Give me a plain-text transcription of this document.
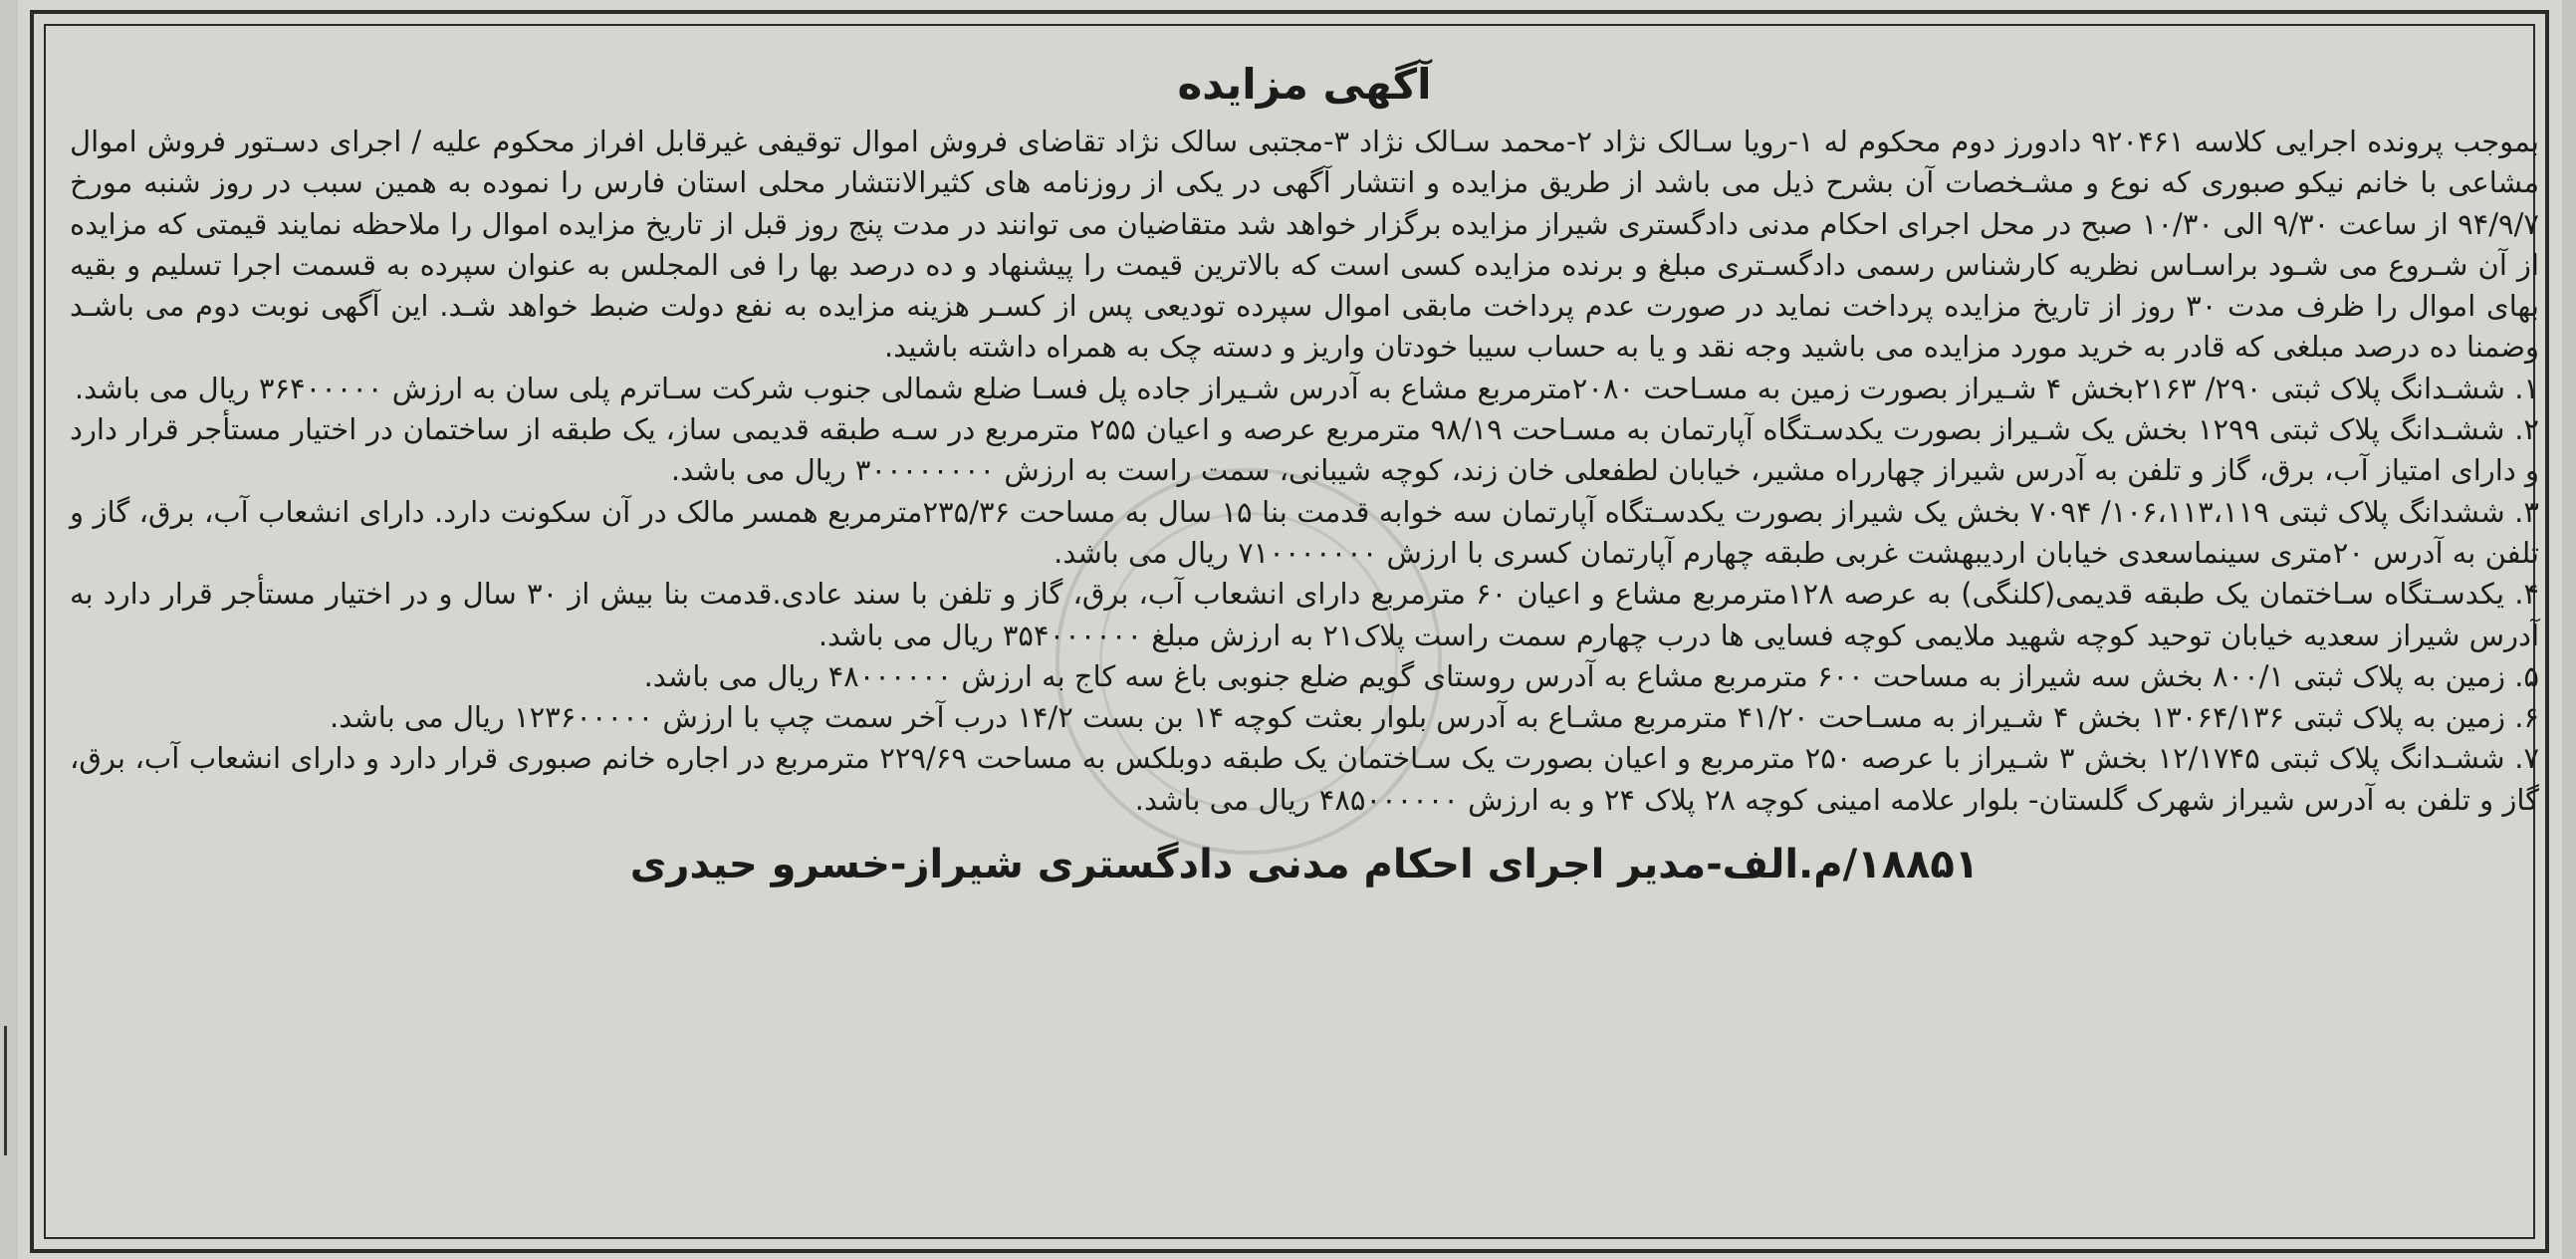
آگهی مزایده

بموجب پرونده اجرایی کلاسه ۹۲۰۴۶۱ دادورز دوم محکوم له ۱-رویا سـالک نژاد ۲-محمد سـالک نژاد ۳-مجتبی سالک نژاد تقاضای فروش اموال توقیفی غیرقابل افراز محکوم علیه / اجرای دسـتور فروش اموال مشاعی با خانم نیکو صبوری که نوع و مشـخصات آن بشرح ذیل می باشد از طریق مزایده و انتشار آگهی در یکی از روزنامه های کثیرالانتشار محلی استان فارس را نموده به همین سبب در روز شنبه مورخ ۹۴/۹/۷ از ساعت ۹/۳۰ الی ۱۰/۳۰ صبح در محل اجرای احکام مدنی دادگستری شیراز مزایده برگزار خواهد شد متقاضیان می توانند در مدت پنج روز قبل از تاریخ مزایده اموال را ملاحظه نمایند قیمتی که مزایده از آن شـروع می شـود براسـاس نظریه کارشناس رسمی دادگسـتری مبلغ و برنده مزایده کسی است که بالاترین قیمت را پیشنهاد و ده درصد بها را فی المجلس به عنوان سپرده به قسمت اجرا تسلیم و بقیه بهای اموال را ظرف مدت ۳۰ روز از تاریخ مزایده پرداخت نماید در صورت عدم پرداخت مابقی اموال سپرده تودیعی پس از کسـر هزینه مزایده به نفع دولت ضبط خواهد شـد. این آگهی نوبت دوم می باشـد وضمنا ده درصد مبلغی که قادر به خرید مورد مزایده می باشید وجه نقد و یا به حساب سیبا خودتان واریز و دسته چک به همراه داشته باشید.

۱. ششـدانگ پلاک ثبتی ۲۹۰/ ۲۱۶۳بخش ۴ شـیراز بصورت زمین به مسـاحت ۲۰۸۰مترمربع مشاع به آدرس شـیراز جاده پل فسـا ضلع شمالی جنوب شرکت سـاترم پلی سان به ارزش ۳۶۴۰۰۰۰۰ ریال می باشد.

۲. ششـدانگ پلاک ثبتی ۱۲۹۹ بخش یک شـیراز بصورت یکدسـتگاه آپارتمان به مسـاحت ۹۸/۱۹ مترمربع عرصه و اعیان ۲۵۵ مترمربع در سـه طبقه قدیمی ساز، یک طبقه از ساختمان در اختیار مستأجر قرار دارد و دارای امتیاز آب، برق، گاز و تلفن به آدرس شیراز چهارراه مشیر، خیابان لطفعلی خان زند، کوچه شیبانی، سمت راست به ارزش ۳۰۰۰۰۰۰۰۰ ریال می باشد.

۳. ششدانگ پلاک ثبتی ۱۰۶،۱۱۳،۱۱۹/ ۷۰۹۴ بخش یک شیراز بصورت یکدسـتگاه آپارتمان سه خوابه قدمت بنا ۱۵ سال به مساحت ۲۳۵/۳۶مترمربع همسر مالک در آن سکونت دارد. دارای انشعاب آب، برق، گاز و تلفن به آدرس ۲۰متری سینماسعدی خیابان اردیبهشت غربی طبقه چهارم آپارتمان کسری با ارزش ۷۱۰۰۰۰۰۰۰ ریال می باشد.

۴. یکدسـتگاه سـاختمان یک طبقه قدیمی(کلنگی) به عرصه ۱۲۸مترمربع مشاع و اعیان ۶۰ مترمربع دارای انشعاب آب، برق، گاز و تلفن با سند عادی.قدمت بنا بیش از ۳۰ سال و در اختیار مستأجر قرار دارد به آدرس شیراز سعدیه خیابان توحید کوچه شهید ملایمی کوچه فسایی ها درب چهارم سمت راست پلاک۲۱ به ارزش مبلغ ۳۵۴۰۰۰۰۰۰ ریال می باشد.

۵. زمین به پلاک ثبتی ۸۰۰/۱ بخش سه شیراز به مساحت ۶۰۰ مترمربع مشاع به آدرس روستای گویم ضلع جنوبی باغ سه کاج به ارزش ۴۸۰۰۰۰۰۰ ریال می باشد.

۶. زمین به پلاک ثبتی ۱۳۰۶۴/۱۳۶ بخش ۴ شـیراز به مسـاحت ۴۱/۲۰ مترمربع مشـاع به آدرس بلوار بعثت کوچه ۱۴ بن بست ۱۴/۲ درب آخر سمت چپ با ارزش ۱۲۳۶۰۰۰۰۰ ریال می باشد.

۷. ششـدانگ پلاک ثبتی ۱۲/۱۷۴۵ بخش ۳ شـیراز با عرصه ۲۵۰ مترمربع و اعیان بصورت یک سـاختمان یک طبقه دوبلکس به مساحت ۲۲۹/۶۹ مترمربع در اجاره خانم صبوری قرار دارد و دارای انشعاب آب، برق، گاز و تلفن به آدرس شیراز شهرک گلستان- بلوار علامه امینی کوچه ۲۸ پلاک ۲۴ و به ارزش ۴۸۵۰۰۰۰۰۰ ریال می باشد.

۱۸۸۵۱/م.الف-مدیر اجرای احکام مدنی دادگستری شیراز-خسرو حیدری
